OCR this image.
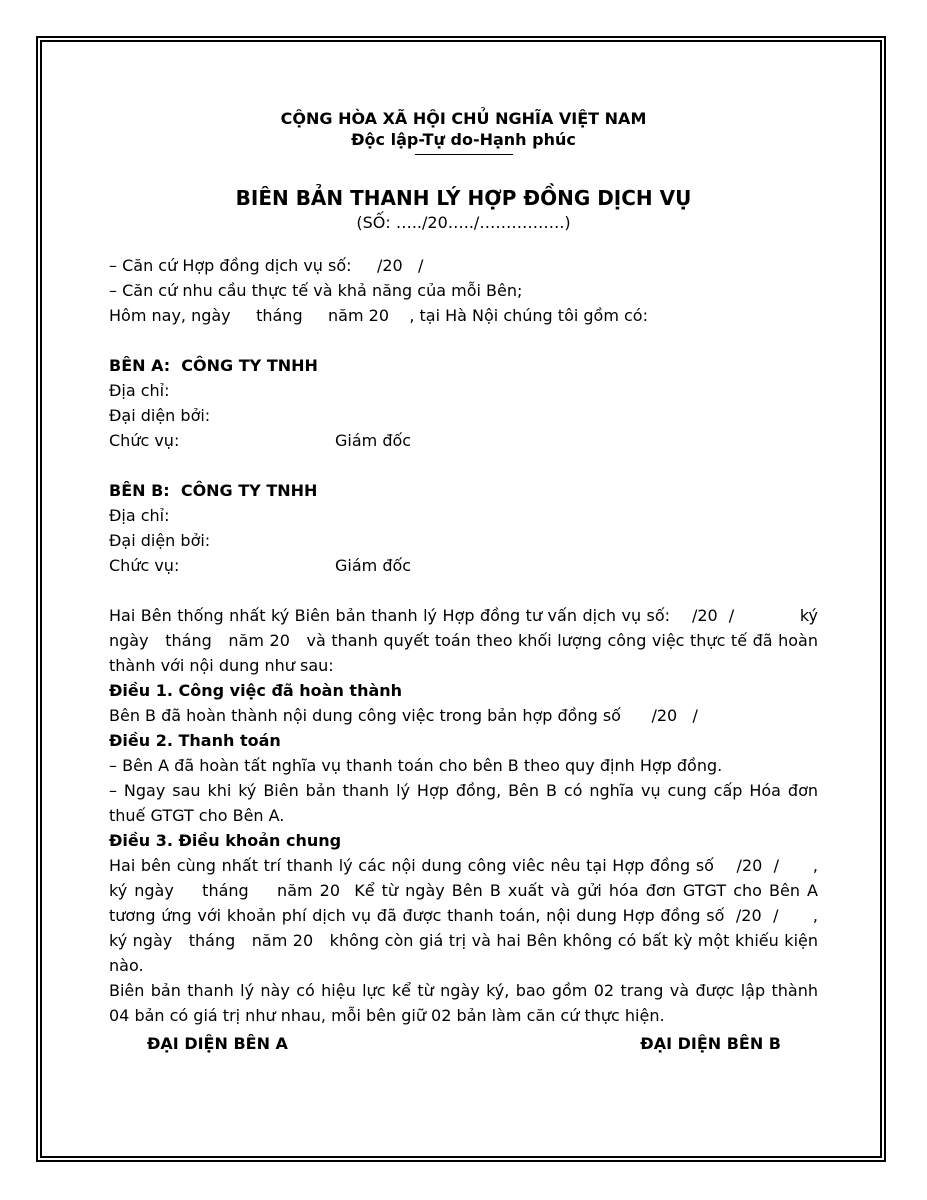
CỘNG HÒA XÃ HỘI CHỦ NGHĨA VIỆT NAM
Độc lập-Tự do-Hạnh phúc
BIÊN BẢN THANH LÝ HỢP ĐỒNG DỊCH VỤ
(SỐ: …../20…../…………….)
– Căn cứ Hợp đồng dịch vụ số:     /20   /
– Căn cứ nhu cầu thực tế và khả năng của mỗi Bên;
Hôm nay, ngày     tháng     năm 20    , tại Hà Nội chúng tôi gồm có:
BÊN A:  CÔNG TY TNHH
Địa chỉ:
Đại diện bởi:
Chức vụ:	Giám đốc
BÊN B:  CÔNG TY TNHH
Địa chỉ:
Đại diện bởi:
Chức vụ:	Giám đốc
Hai Bên thống nhất ký Biên bản thanh lý Hợp đồng tư vấn dịch vụ số:    /20  /            ký ngày   tháng   năm 20   và thanh quyết toán theo khối lượng công việc thực tế đã hoàn thành với nội dung như sau:
Điều 1. Công việc đã hoàn thành
Bên B đã hoàn thành nội dung công việc trong bản hợp đồng số      /20   /
Điều 2. Thanh toán
– Bên A đã hoàn tất nghĩa vụ thanh toán cho bên B theo quy định Hợp đồng.
– Ngay sau khi ký Biên bản thanh lý Hợp đồng, Bên B có nghĩa vụ cung cấp Hóa đơn thuế GTGT cho Bên A.
Điều 3. Điều khoản chung
Hai bên cùng nhất trí thanh lý các nội dung công viêc nêu tại Hợp đồng số    /20  /      , ký ngày    tháng    năm 20  Kể từ ngày Bên B xuất và gửi hóa đơn GTGT cho Bên A tương ứng với khoản phí dịch vụ đã được thanh toán, nội dung Hợp đồng số  /20  /      , ký ngày   tháng   năm 20   không còn giá trị và hai Bên không có bất kỳ một khiếu kiện nào.
Biên bản thanh lý này có hiệu lực kể từ ngày ký, bao gồm 02 trang và được lập thành 04 bản có giá trị như nhau, mỗi bên giữ 02 bản làm căn cứ thực hiện.
ĐẠI DIỆN BÊN A	ĐẠI DIỆN BÊN B
